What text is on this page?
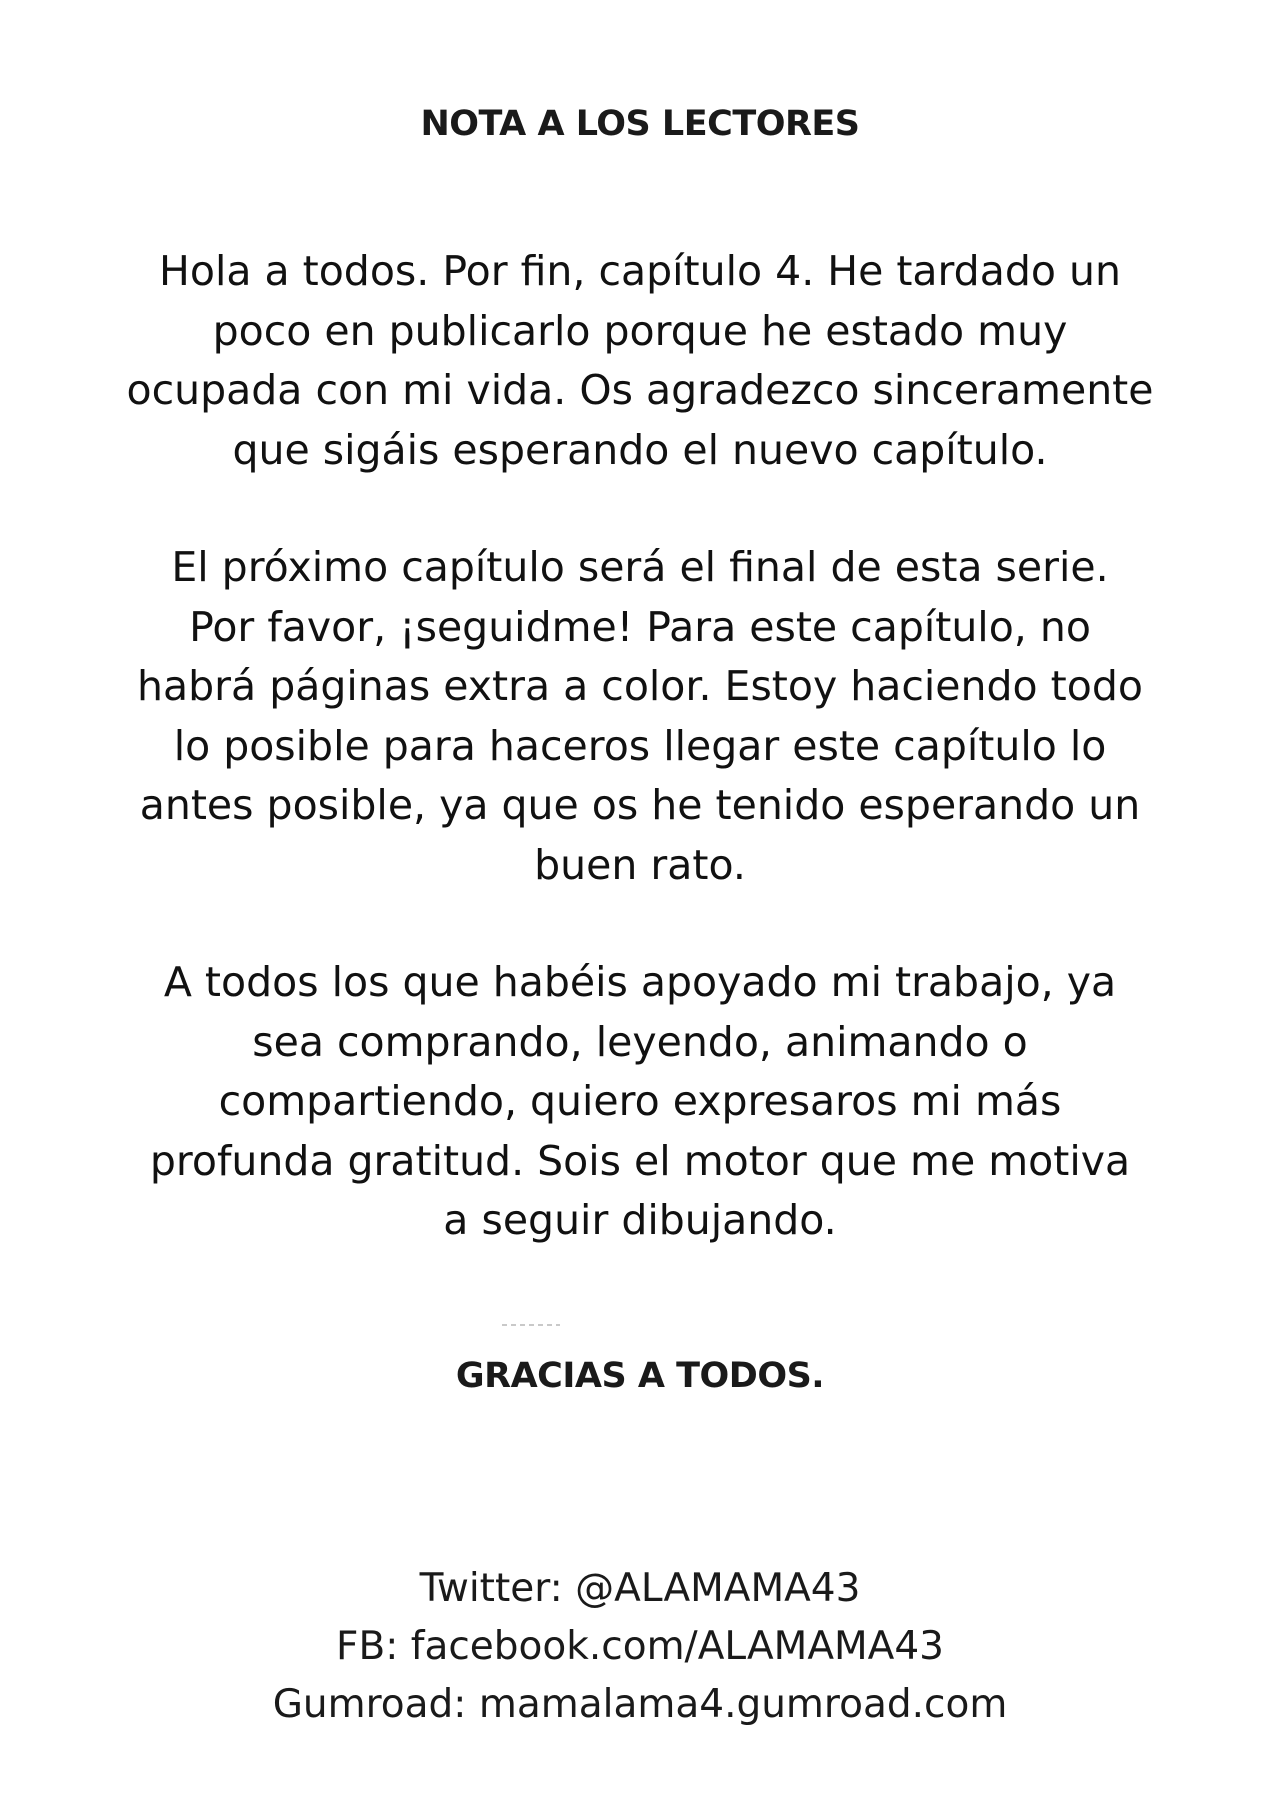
NOTA A LOS LECTORES

Hola a todos. Por fin, capítulo 4. He tardado un
poco en publicarlo porque he estado muy
ocupada con mi vida. Os agradezco sinceramente
que sigáis esperando el nuevo capítulo.

El próximo capítulo será el final de esta serie.
Por favor, ¡seguidme! Para este capítulo, no
habrá páginas extra a color. Estoy haciendo todo
lo posible para haceros llegar este capítulo lo
antes posible, ya que os he tenido esperando un
buen rato.

A todos los que habéis apoyado mi trabajo, ya
sea comprando, leyendo, animando o
compartiendo, quiero expresaros mi más
profunda gratitud. Sois el motor que me motiva
a seguir dibujando.

GRACIAS A TODOS.
Twitter: @ALAMAMA43
FB: facebook.com/ALAMAMA43
Gumroad: mamalama4.gumroad.com
